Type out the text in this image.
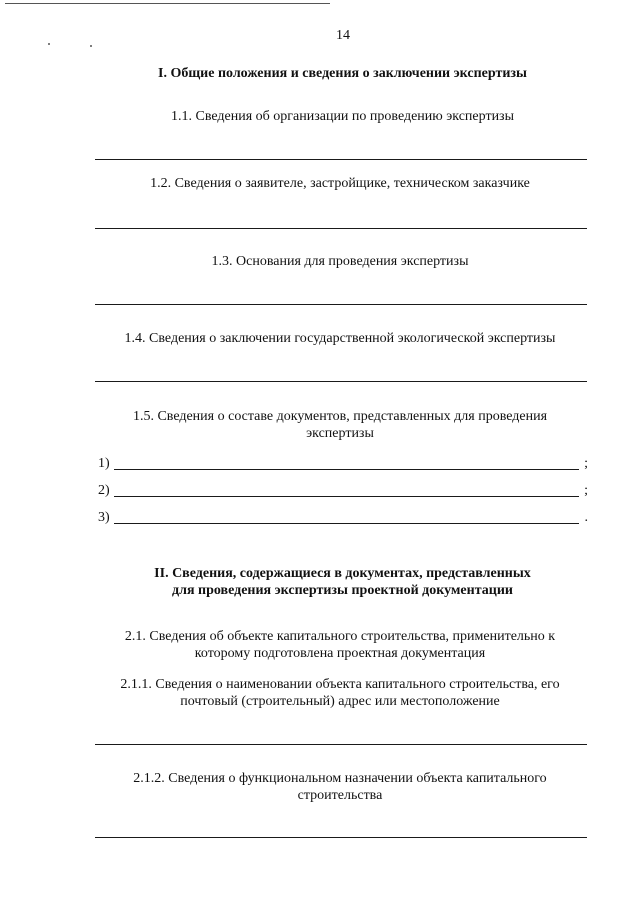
14
I. Общие положения и сведения о заключении экспертизы
1.1. Сведения об организации по проведению экспертизы
1.2. Сведения о заявителе, застройщике, техническом заказчике
1.3. Основания для проведения экспертизы
1.4. Сведения о заключении государственной экологической экспертизы
1.5. Сведения о составе документов, представленных для проведения
экспертизы
1)	;
2)	;
3)	.
II. Сведения, содержащиеся в документах, представленных
для проведения экспертизы проектной документации
2.1. Сведения об объекте капитального строительства, применительно к
которому подготовлена проектная документация
2.1.1. Сведения о наименовании объекта капитального строительства, его
почтовый (строительный) адрес или местоположение
2.1.2. Сведения о функциональном назначении объекта капитального
строительства
